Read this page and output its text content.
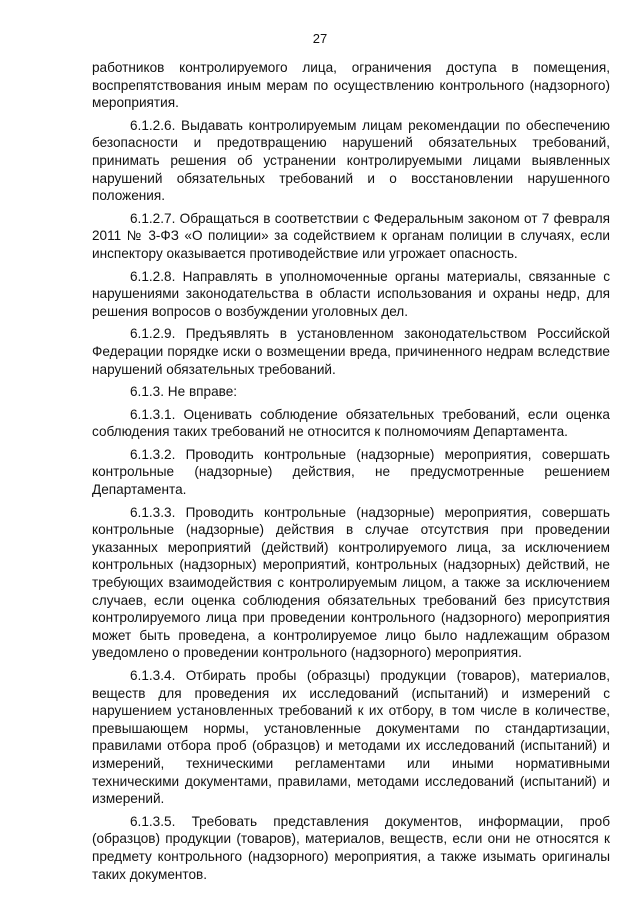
27

работников контролируемого лица, ограничения доступа в помещения, воспрепятствования иным мерам по осуществлению контрольного (надзорного) мероприятия.

6.1.2.6. Выдавать контролируемым лицам рекомендации по обеспечению безопасности и предотвращению нарушений обязательных требований, принимать решения об устранении контролируемыми лицами выявленных нарушений обязательных требований и о восстановлении нарушенного положения.

6.1.2.7. Обращаться в соответствии с Федеральным законом от 7 февраля 2011 № 3-ФЗ «О полиции» за содействием к органам полиции в случаях, если инспектору оказывается противодействие или угрожает опасность.

6.1.2.8. Направлять в уполномоченные органы материалы, связанные с нарушениями законодательства в области использования и охраны недр, для решения вопросов о возбуждении уголовных дел.

6.1.2.9. Предъявлять в установленном законодательством Российской Федерации порядке иски о возмещении вреда, причиненного недрам вследствие нарушений обязательных требований.

6.1.3. Не вправе:

6.1.3.1. Оценивать соблюдение обязательных требований, если оценка соблюдения таких требований не относится к полномочиям Департамента.

6.1.3.2. Проводить контрольные (надзорные) мероприятия, совершать контрольные (надзорные) действия, не предусмотренные решением Департамента.

6.1.3.3. Проводить контрольные (надзорные) мероприятия, совершать контрольные (надзорные) действия в случае отсутствия при проведении указанных мероприятий (действий) контролируемого лица, за исключением контрольных (надзорных) мероприятий, контрольных (надзорных) действий, не требующих взаимодействия с контролируемым лицом, а также за исключением случаев, если оценка соблюдения обязательных требований без присутствия контролируемого лица при проведении контрольного (надзорного) мероприятия может быть проведена, а контролируемое лицо было надлежащим образом уведомлено о проведении контрольного (надзорного) мероприятия.

6.1.3.4. Отбирать пробы (образцы) продукции (товаров), материалов, веществ для проведения их исследований (испытаний) и измерений с нарушением установленных требований к их отбору, в том числе в количестве, превышающем нормы, установленные документами по стандартизации, правилами отбора проб (образцов) и методами их исследований (испытаний) и измерений, техническими регламентами или иными нормативными техническими документами, правилами, методами исследований (испытаний) и измерений.

6.1.3.5. Требовать представления документов, информации, проб (образцов) продукции (товаров), материалов, веществ, если они не относятся к предмету контрольного (надзорного) мероприятия, а также изымать оригиналы таких документов.
